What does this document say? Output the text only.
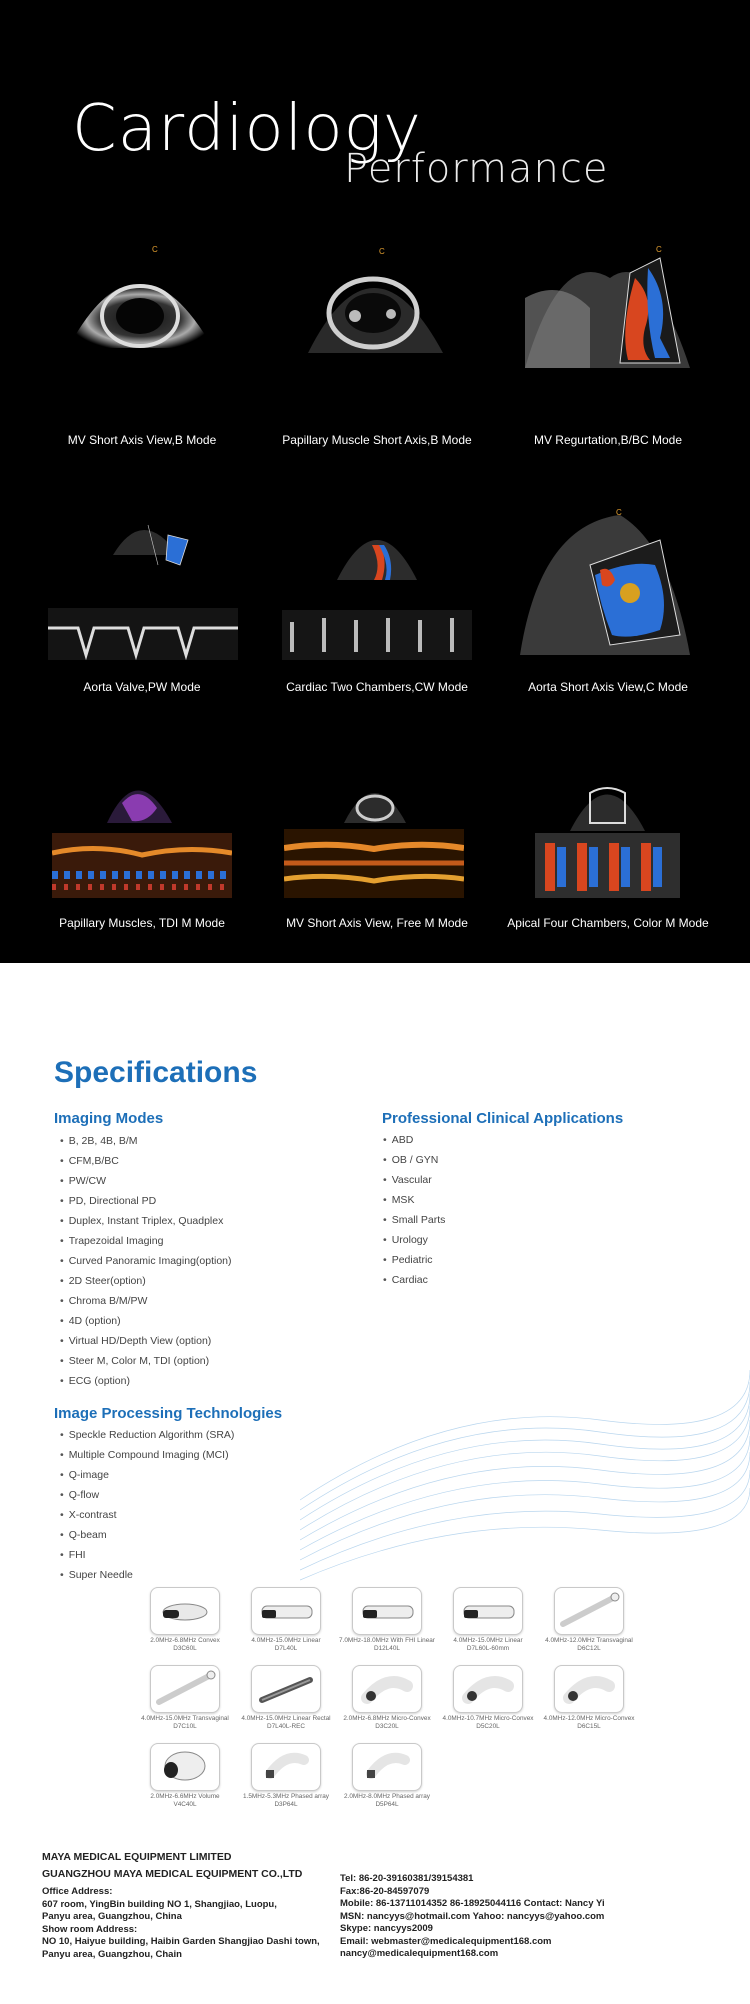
Cardiology
Performance
C	C	C
MV Short Axis View,B Mode	Papillary Muscle Short Axis,B Mode	MV Regurtation,B/BC Mode
C
Aorta Valve,PW Mode	Cardiac Two Chambers,CW Mode	Aorta Short Axis View,C Mode
Papillary Muscles, TDI M Mode	MV Short Axis View, Free M Mode	Apical Four Chambers, Color M Mode
Specifications
Imaging Modes
• B, 2B, 4B, B/M
• CFM,B/BC
• PW/CW
• PD, Directional PD
• Duplex, Instant Triplex, Quadplex
• Trapezoidal Imaging
• Curved Panoramic Imaging(option)
• 2D Steer(option)
• Chroma B/M/PW
• 4D (option)
• Virtual HD/Depth View (option)
• Steer M, Color M, TDI (option)
• ECG (option)
Professional Clinical Applications
• ABD
• OB / GYN
• Vascular
• MSK
• Small Parts
• Urology
• Pediatric
• Cardiac
Image Processing Technologies
• Speckle Reduction Algorithm (SRA)
• Multiple Compound Imaging (MCI)
• Q-image
• Q-flow
• X-contrast
• Q-beam
• FHI
• Super Needle
2.0MHz-6.8MHz Convex
D3C60L
4.0MHz-15.0MHz Linear
D7L40L
7.0MHz-18.0MHz With FHI Linear
D12L40L
4.0MHz-15.0MHz Linear
D7L60L-60mm
4.0MHz-12.0MHz Transvaginal
D6C12L
4.0MHz-15.0MHz Transvaginal
D7C10L
4.0MHz-15.0MHz Linear Rectal
D7L40L-REC
2.0MHz-6.8MHz Micro-Convex
D3C20L
4.0MHz-10.7MHz Micro-Convex
D5C20L
4.0MHz-12.0MHz Micro-Convex
D6C15L
2.0MHz-6.6MHz Volume
V4C40L
1.5MHz-5.3MHz Phased array
D3P64L
2.0MHz-8.0MHz Phased array
D5P64L
MAYA MEDICAL EQUIPMENT LIMITED
GUANGZHOU MAYA MEDICAL EQUIPMENT CO.,LTD
Office Address:
607 room, YingBin building NO 1, Shangjiao, Luopu,
Panyu area, Guangzhou, China
Show room Address:
NO 10, Haiyue building, Haibin Garden Shangjiao Dashi town,
Panyu area, Guangzhou, Chain
Tel: 86-20-39160381/39154381
Fax:86-20-84597079
Mobile: 86-13711014352 86-18925044116 Contact: Nancy Yi
MSN: nancyys@hotmail.com Yahoo: nancyys@yahoo.com
Skype: nancyys2009
Email: webmaster@medicalequipment168.com
nancy@medicalequipment168.com
